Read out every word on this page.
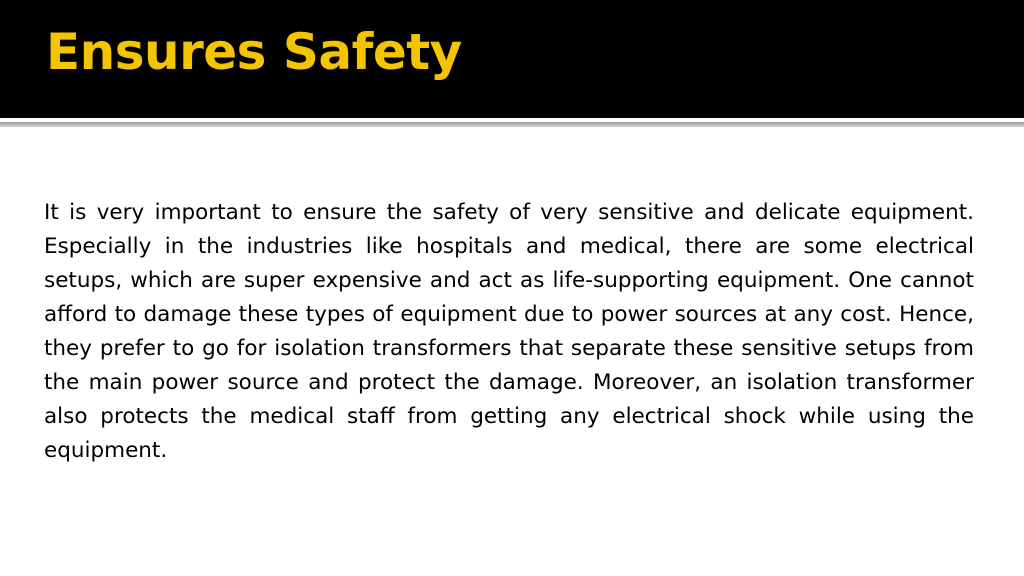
Ensures Safety

It is very important to ensure the safety of very sensitive and delicate equipment. Especially in the industries like hospitals and medical, there are some electrical setups, which are super expensive and act as life-supporting equipment. One cannot afford to damage these types of equipment due to power sources at any cost. Hence, they prefer to go for isolation transformers that separate these sensitive setups from the main power source and protect the damage. Moreover, an isolation transformer also protects the medical staff from getting any electrical shock while using the equipment.
